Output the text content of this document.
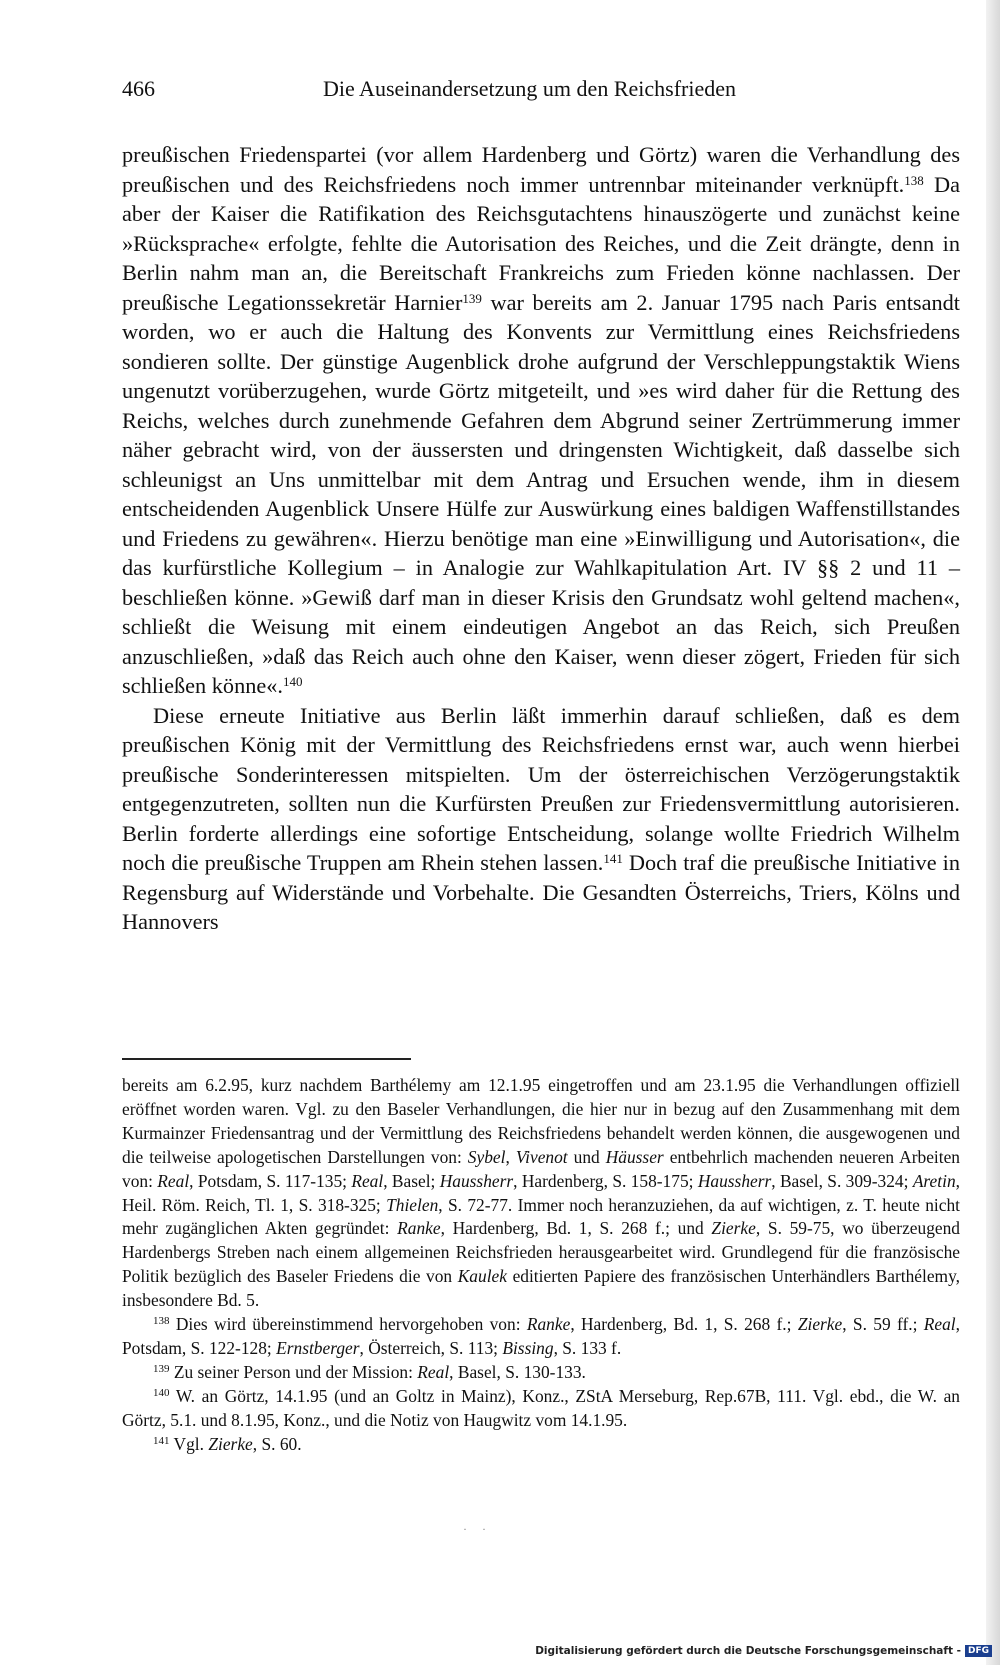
466	Die Auseinandersetzung um den Reichsfrieden

preußischen Friedenspartei (vor allem Hardenberg und Görtz) waren die Verhandlung des preußischen und des Reichsfriedens noch immer untrennbar miteinander verknüpft.$^{138}$ Da aber der Kaiser die Ratifikation des Reichsgutachtens hinauszögerte und zunächst keine »Rücksprache« erfolgte, fehlte die Autorisation des Reiches, und die Zeit drängte, denn in Berlin nahm man an, die Bereitschaft Frankreichs zum Frieden könne nachlassen. Der preußische Legationssekretär Harnier$^{139}$ war bereits am 2. Januar 1795 nach Paris entsandt worden, wo er auch die Haltung des Konvents zur Vermittlung eines Reichsfriedens sondieren sollte. Der günstige Augenblick drohe aufgrund der Verschleppungstaktik Wiens ungenutzt vorüberzugehen, wurde Görtz mitgeteilt, und »es wird daher für die Rettung des Reichs, welches durch zunehmende Gefahren dem Abgrund seiner Zertrümmerung immer näher gebracht wird, von der äussersten und dringensten Wichtigkeit, daß dasselbe sich schleunigst an Uns unmittelbar mit dem Antrag und Ersuchen wende, ihm in diesem entscheidenden Augenblick Unsere Hülfe zur Auswürkung eines baldigen Waffenstillstandes und Friedens zu gewähren«. Hierzu benötige man eine »Einwilligung und Autorisation«, die das kurfürstliche Kollegium – in Analogie zur Wahlkapitulation Art. IV §§ 2 und 11 – beschließen könne. »Gewiß darf man in dieser Krisis den Grundsatz wohl geltend machen«, schließt die Weisung mit einem eindeutigen Angebot an das Reich, sich Preußen anzuschließen, »daß das Reich auch ohne den Kaiser, wenn dieser zögert, Frieden für sich schließen könne«.$^{140}$

Diese erneute Initiative aus Berlin läßt immerhin darauf schließen, daß es dem preußischen König mit der Vermittlung des Reichsfriedens ernst war, auch wenn hierbei preußische Sonderinteressen mitspielten. Um der österreichischen Verzögerungstaktik entgegenzutreten, sollten nun die Kurfürsten Preußen zur Friedensvermittlung autorisieren. Berlin forderte allerdings eine sofortige Entscheidung, solange wollte Friedrich Wilhelm noch die preußische Truppen am Rhein stehen lassen.$^{141}$ Doch traf die preußische Initiative in Regensburg auf Widerstände und Vorbehalte. Die Gesandten Österreichs, Triers, Kölns und Hannovers

bereits am 6.2.95, kurz nachdem Barthélemy am 12.1.95 eingetroffen und am 23.1.95 die Verhandlungen offiziell eröffnet worden waren. Vgl. zu den Baseler Verhandlungen, die hier nur in bezug auf den Zusammenhang mit dem Kurmainzer Friedensantrag und der Vermittlung des Reichsfriedens behandelt werden können, die ausgewogenen und die teilweise apologetischen Darstellungen von: Sybel, Vivenot und Häusser entbehrlich machenden neueren Arbeiten von: Real, Potsdam, S. 117-135; Real, Basel; Haussherr, Hardenberg, S. 158-175; Haussherr, Basel, S. 309-324; Aretin, Heil. Röm. Reich, Tl. 1, S. 318-325; Thielen, S. 72-77. Immer noch heranzuziehen, da auf wichtigen, z. T. heute nicht mehr zugänglichen Akten gegründet: Ranke, Hardenberg, Bd. 1, S. 268 f.; und Zierke, S. 59-75, wo überzeugend Hardenbergs Streben nach einem allgemeinen Reichsfrieden herausgearbeitet wird. Grundlegend für die französische Politik bezüglich des Baseler Friedens die von Kaulek editierten Papiere des französischen Unterhändlers Barthélemy, insbesondere Bd. 5.

$^{138}$ Dies wird übereinstimmend hervorgehoben von: Ranke, Hardenberg, Bd. 1, S. 268 f.; Zierke, S. 59 ff.; Real, Potsdam, S. 122-128; Ernstberger, Österreich, S. 113; Bissing, S. 133 f.

$^{139}$ Zu seiner Person und der Mission: Real, Basel, S. 130-133.

$^{140}$ W. an Görtz, 14.1.95 (und an Goltz in Mainz), Konz., ZStA Merseburg, Rep.67B, 111. Vgl. ebd., die W. an Görtz, 5.1. und 8.1.95, Konz., und die Notiz von Haugwitz vom 14.1.95.

$^{141}$ Vgl. Zierke, S. 60.

· ·
Digitalisierung gefördert durch die Deutsche Forschungsgemeinschaft - DFG
